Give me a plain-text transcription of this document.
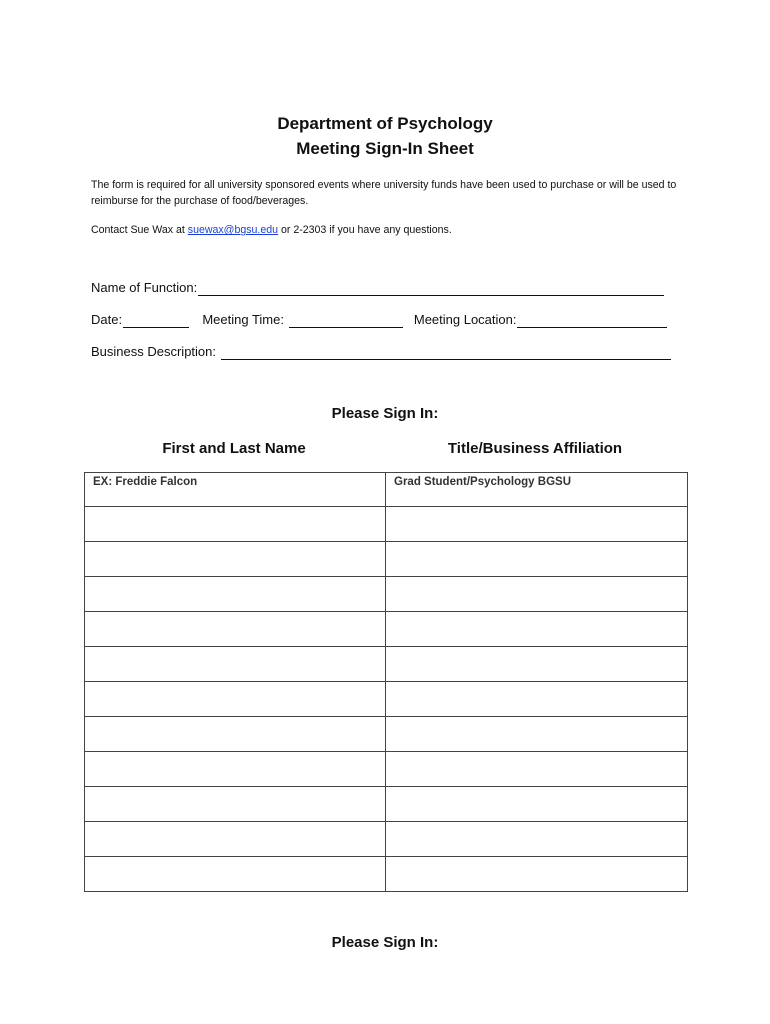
Department of Psychology
Meeting Sign-In Sheet
The form is required for all university sponsored events where university funds have been used to purchase or will be used to reimburse for the purchase of food/beverages.
Contact Sue Wax at suewax@bgsu.edu or 2-2303 if you have any questions.
Name of Function:
Date:	Meeting Time:	Meeting Location:
Business Description:
Please Sign In:
First and Last Name	Title/Business Affiliation
EX: Freddie Falcon	Grad Student/Psychology BGSU

Please Sign In:
